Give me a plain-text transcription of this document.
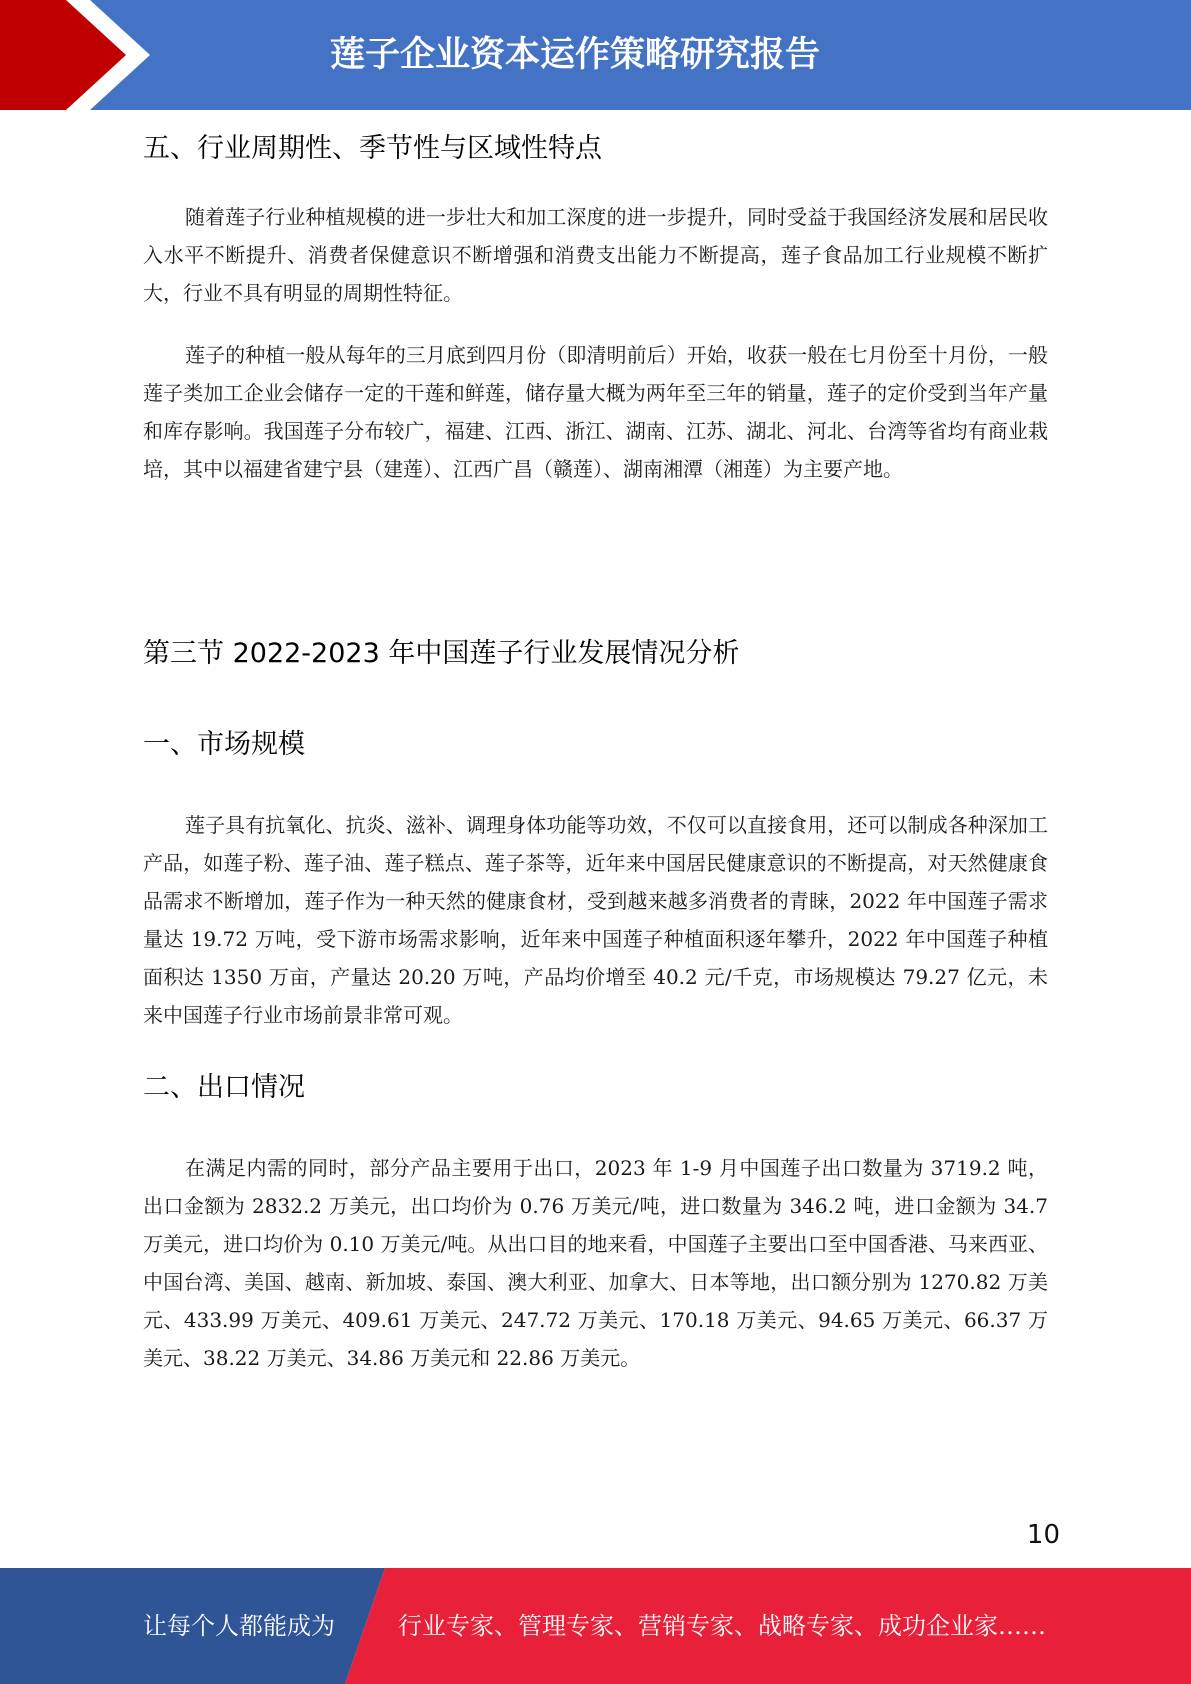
莲子企业资本运作策略研究报告
五、行业周期性、季节性与区域性特点

随着莲子行业种植规模的进一步壮大和加工深度的进一步提升，同时受益于我国经济发展和居民收入水平不断提升、消费者保健意识不断增强和消费支出能力不断提高，莲子食品加工行业规模不断扩大，行业不具有明显的周期性特征。

莲子的种植一般从每年的三月底到四月份（即清明前后）开始，收获一般在七月份至十月份，一般莲子类加工企业会储存一定的干莲和鲜莲，储存量大概为两年至三年的销量，莲子的定价受到当年产量和库存影响。我国莲子分布较广，福建、江西、浙江、湖南、江苏、湖北、河北、台湾等省均有商业栽培，其中以福建省建宁县（建莲）、江西广昌（赣莲）、湖南湘潭（湘莲）为主要产地。

第三节 2022-2023 年中国莲子行业发展情况分析
一、市场规模

莲子具有抗氧化、抗炎、滋补、调理身体功能等功效，不仅可以直接食用，还可以制成各种深加工产品，如莲子粉、莲子油、莲子糕点、莲子茶等，近年来中国居民健康意识的不断提高，对天然健康食品需求不断增加，莲子作为一种天然的健康食材，受到越来越多消费者的青睐，2022 年中国莲子需求量达 19.72 万吨，受下游市场需求影响，近年来中国莲子种植面积逐年攀升，2022 年中国莲子种植面积达 1350 万亩，产量达 20.20 万吨，产品均价增至 40.2 元/千克，市场规模达 79.27 亿元，未来中国莲子行业市场前景非常可观。

二、出口情况

在满足内需的同时，部分产品主要用于出口，2023 年 1-9 月中国莲子出口数量为 3719.2 吨，出口金额为 2832.2 万美元，出口均价为 0.76 万美元/吨，进口数量为 346.2 吨，进口金额为 34.7 万美元，进口均价为 0.10 万美元/吨。从出口目的地来看，中国莲子主要出口至中国香港、马来西亚、中国台湾、美国、越南、新加坡、泰国、澳大利亚、加拿大、日本等地，出口额分别为 1270.82 万美元、433.99 万美元、409.61 万美元、247.72 万美元、170.18 万美元、94.65 万美元、66.37 万美元、38.22 万美元、34.86 万美元和 22.86 万美元。

10
让每个人都能成为	行业专家、管理专家、营销专家、战略专家、成功企业家……
